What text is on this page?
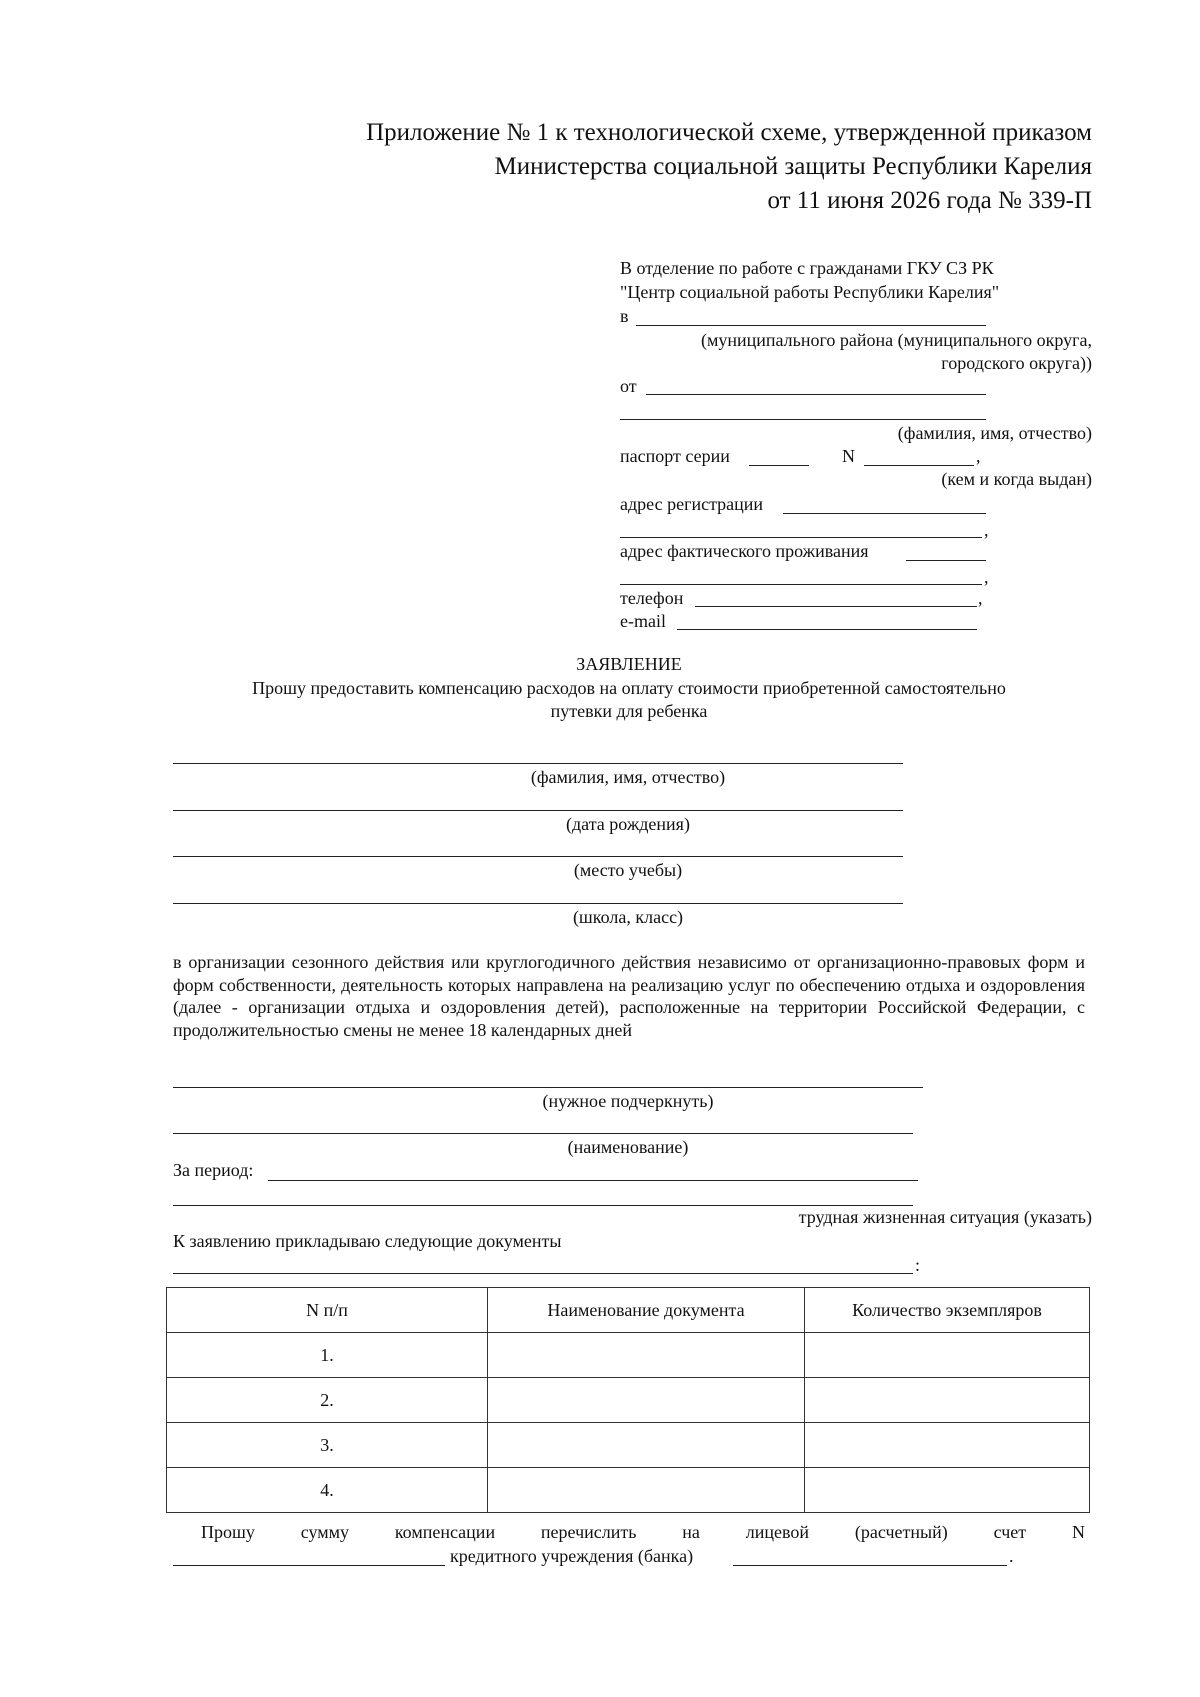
Приложение № 1 к технологической схеме, утвержденной приказом
Министерства социальной защиты Республики Карелия
от 11 июня 2026 года № 339-П
В отделение по работе с гражданами ГКУ СЗ РК
"Центр социальной работы Республики Карелия"
в
(муниципального района (муниципального округа,
городского округа))
от
(фамилия, имя, отчество)
паспорт серии	N	,
(кем и когда выдан)
адрес регистрации
,
адрес фактического проживания
,
телефон	,
e-mail
ЗАЯВЛЕНИЕ
Прошу предоставить компенсацию расходов на оплату стоимости приобретенной самостоятельно
путевки для ребенка
(фамилия, имя, отчество)
(дата рождения)
(место учебы)
(школа, класс)
в организации сезонного действия или круглогодичного действия независимо от организационно-правовых форм и форм собственности, деятельность которых направлена на реализацию услуг по обеспечению отдыха и оздоровления (далее - организации отдыха и оздоровления детей), расположенные на территории Российской Федерации, с продолжительностью смены не менее 18 календарных дней
(нужное подчеркнуть)
(наименование)
За период:
трудная жизненная ситуация (указать)
К заявлению прикладываю следующие документы
:
N п/п	Наименование документа	Количество экземпляров
1.		
2.		
3.		
4.		
Прошу	сумму	компенсации	перечислить	на	лицевой	(расчетный)	счет	N
кредитного учреждения (банка)	.
